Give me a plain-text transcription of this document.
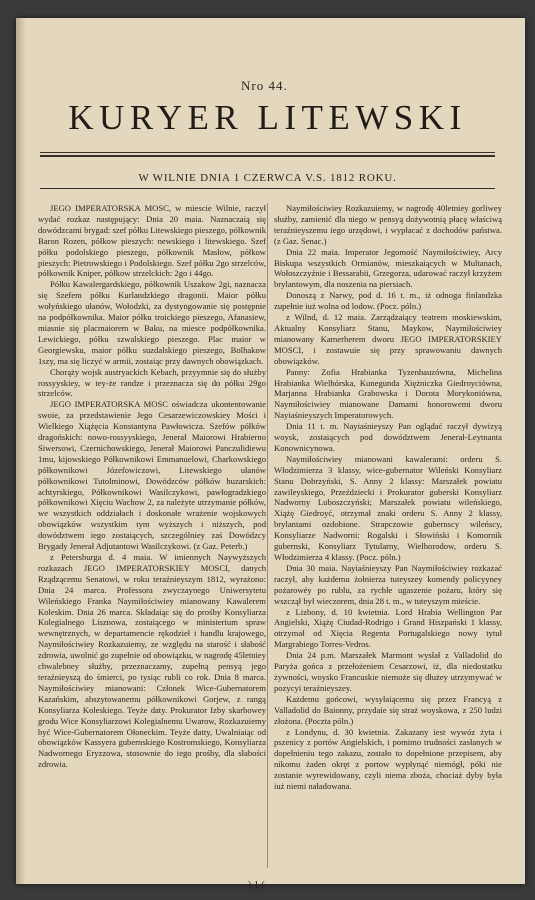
Nro 44.
KURYER LITEWSKI
W WILNIE DNIA 1 CZERWCA V.S. 1812 ROKU.

JEGO IMPERATORSKA MOSC, w miescie Wilnie, raczył wydać rozkaz następujący: Dnia 20 maia. Naznaczaią się dowódzcami brygad: szef półku Litewskiego pieszego, półkownik Baron Rozen, półkow pieszych: newskiego i litewskiego. Szef półku podolskiego pieszego, półkownik Masłow, półkow pieszych: Pietrowskiego i Podolskiego. Szef półku 2go strzelców, półkownik Kniper, półkow strzelckich: 2go i 44go.

Półku Kawalergardskiego, półkownik Uszakow 2gi, naznacza się Szefem półku Kurlandzkiego dragonii. Maior półku wołyńskiego ułanów, Wołodzki, za dystyngowanie się postępnie na podpółkownika. Maior półku troickiego pieszego, Afanasiew, miasnie się placmaiorem w Baku, na miesce podpółkownika. Lewickiego, półku szwalskiego pieszego. Plac maior w Georgiewsku, maior półku suzdalskiego pieszego, Bolhakow 1szy, ma się liczyć w armii, zostaiąc przy dawnych obowiązkach.

Chorąży wojsk austryackich Kebach, przyymnie się do służby rossyyskiey, w tey-że randze i przeznacza się do półku 29go strzelców.

JEGO IMPERATORSKA MOSC oświadcza ukontentowanie swoie, za przedstawienie Jego Cesarzewiczowskiey Mości i Wielkiego Xiążęcia Konstantyna Pawłowicza. Szefów półków dragońskich: nowo-rossyyskiego, Jenerał Maiorowi Hrabierno Siwersowi, Czernichowskiego, Jenerał Maiorowi Panczulidiewu 1mu, kijowskiego Półkownikowi Emmanuelowi, Charkowskiego półkownikowi Józefowiczowi, Litewskiego ułanów półkownikowi Tutolminowi, Dowódzców półków huzarskich: achtyrskiego, Półkownikowi Wasilczykowi, pawłogradzkiego półkownikowi Xięciu Wachow 2, za należyte utrzymanie półków, we wszystkich oddziałach i doskonałe wrażenie wojskowych obowiązków wszystkim tym wyższych i niższych, pod dowództwem iego zostaiących, szczególniey zaś Dowódzcy Brygady Jenerał Adjutantowi Wasilczykowi. (z Gaz. Peterb.)

z Petersburga d. 4 maia. W imiennych Naywyższych rozkazach JEGO IMPERATORSKIEY MOSCI, danych Rządzącemu Senatowi, w roku teraźnieyszym 1812, wyrażono: Dnia 24 marca. Professora zwyczaynego Uniwersytetu Wileńskiego Franka Naymiłościwiey mianowany Kawalerem Koleskim. Dnia 26 marca. Składaiąc się do prośby Konsyliarza Kolegialnego Lisznowa, zostaiącego w ministerium spraw wewnętrznych, w departamencie rękodzieł i handlu krajowego, Naymiłościwiey Rozkazuiemy, ze względu na starość i słabość zdrowia, uwolnić go zupełnie od obowiązku, w nagrodę 45letniey chwalebney służby, przeznaczamy, zupełną pensyą jego teraźnieyszą do śmierci, po tysiąc rubli co rok. Dnia 8 marca. Naymiłościwiey mianowani: Członek Wice-Gubernatorem Kazańskim, abszytowanemu półkownikowi Gorjew, z rangą Konsyliarza Koleskiego. Teyże daty. Prokurator Izby skarbowey grodu Wice Konsyliarzowi Kolegialnemu Uwarow, Rozkazuiemy być Wice-Gubernatorem Ołoneckim. Teyże datty, Uwalniaiąc od obowiązków Kassyera gubernskiego Kostromskiego, Konsyliarza Nadwornego Eryzzowa, stosownie do iego prośby, dla słabości zdrowia.

Naymiłościwiey Rozkazuiemy, w nagrodę 40letniey gorliwey służby, zamienić dla niego w pensyą dożywotnią płacę właściwą teraźnieyszemu iego urzędowi, i wypłacać z dochodów państwa. (z Gaz. Senac.)

Dnia 22 maia. Imperator Jegomość Naymiłościwiey, Arcy Biskupa wszystkich Ormianów, mieszkaiących w Multanach, Wołoszczyźnie i Bessarabii, Grzegorza, udarować raczył krzyżem brylantowym, dla noszenia na piersiach.

Donoszą z Narwy, pod d. 16 t. m., iż odnoga finlandzka zupełnie iuż wolna od lodow. (Pocz. póln.)

z Wilnd, d. 12 maia. Zarządzaiący teatrem moskiewskim, Aktualny Konsyliarz Stanu, Maykow, Naymiłościwiey mianowany Kamerherem dworu JEGO IMPERATORSKIEY MOSCI, i zostawuie się przy sprawowaniu dawnych obowiązków.

Panny: Zofia Hrabianka Tyzenhauzówna, Michelina Hrabianka Wielhórska, Kunegunda Xiężniczka Giedroyciówna, Marjanna Hrabianka Grabowska i Dorota Morykoniówna, Naymiłościwiey mianowane Damami honorowemi dworu Nayiaśnieyszych Imperatorowych.

Dnia 11 t. m. Nayiaśnieyszy Pan oglądać raczył dywizyą woysk, zostaiących pod dowództwem Jenerał-Leytnanta Konownicynowa.

Naymiłościwiey mianowani kawalerami: orderu S. Włodzimierza 3 klassy, wice-gubernator Wileński Konsyliarz Stanu Dobrzyński, S. Anny 2 klassy: Marszałek powiatu zawileyskiego, Przeździecki i Prokurator guberski Konsyliarz Nadworny Luboszczyński; Marszałek powiatu wileńskiego, Xiążę Giedroyć, otrzymał znaki orderu S. Anny 2 klassy, brylantami ozdobione. Strapczowie gubernscy wileńscy, Konsyliarze Nadworni: Rogalski i Słowiński i Komornik gubernski, Konsyliarz Tytularny, Wielhorodow, orderu S. Włodzimierza 4 klassy. (Pocz. póln.)

Dnia 30 maia. Nayiaśnieyszy Pan Naymiłościwiey rozkazać raczył, aby każdemu żołnierza tuteyszey komendy policyyney pożarowéy po rublu, za rychłe ugaszenie pożaru, który się wszczął był wieczorem, dnia 28 t. m., w tuteyszym mieście.

z Lizbony, d. 10 kwietnia. Lord Hrabia Wellington Par Angielski, Xiążę Ciudad-Rodrigo i Grand Hiszpański 1 klassy, otrzymał od Xięcia Regenta Portugalskiego nowy tytuł Margrabiego Torres-Vedros.

Dnia 24 p.m. Marszałek Marmont wysłał z Valladolid do Paryża gońca z przełożeniem Cesarzowi, iż, dla niedostatku żywności, woysko Francuskie niemoże się dłużey utrzymywać w pozycyi teraźnieyszey.

Każdemu gońcowi, wysyłaiącemu się przez Francyą z Valladolid do Baionny, przydaie się straż woyskowa, z 250 ludzi złożona. (Poczta póln.)

z Londynu, d. 30 kwietnia. Zakazany iest wywóz żyta i pszenicy z portów Angielskich, i pomimo trudności zasłanych w dopełnieniu tego zakazu, zostało to dopełnione przepisem, aby nikomu żaden okręt z portow wypłynąć niemógł, póki nie zostanie wyrewidowany, czyli niema zboża, chociaż dyby była iuż niemi naładowana.

) 1 (
